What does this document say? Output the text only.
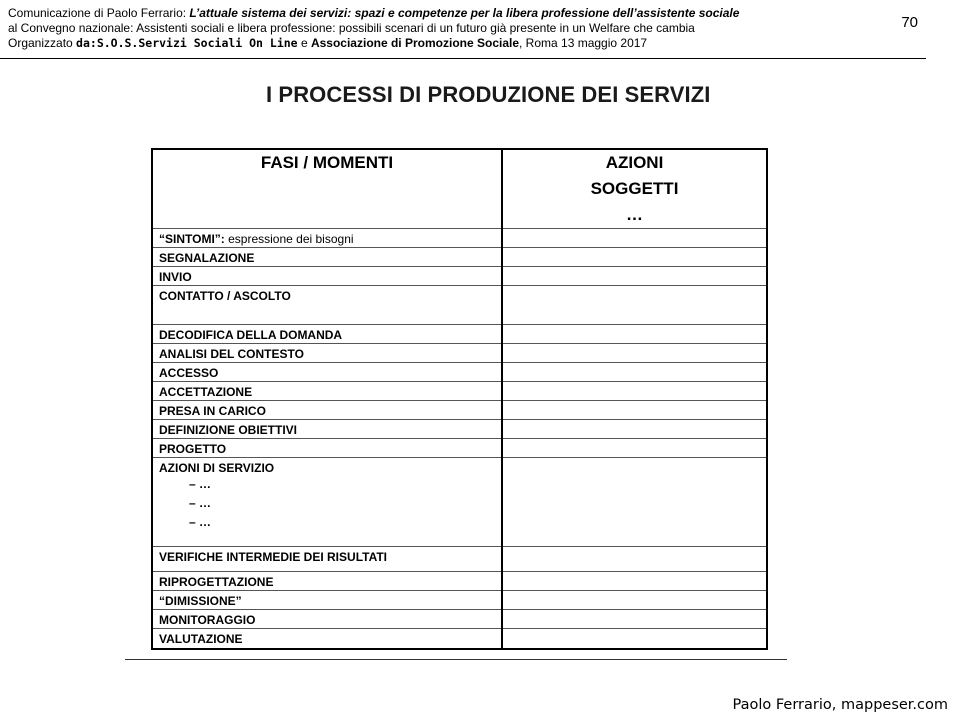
Comunicazione di Paolo Ferrario: L’attuale sistema dei servizi: spazi e competenze per la libera professione dell’assistente sociale
al Convegno nazionale: Assistenti sociali e libera professione: possibili scenari di un futuro già presente in un Welfare che cambia
Organizzato da:S.O.S.Servizi Sociali On Line e Associazione di Promozione Sociale, Roma 13 maggio 2017
70
I PROCESSI DI PRODUZIONE DEI SERVIZI
FASI / MOMENTI	AZIONI
SOGGETTI
…

“SINTOMI”: espressione dei bisogni	
SEGNALAZIONE	
INVIO	
CONTATTO / ASCOLTO	
DECODIFICA DELLA DOMANDA	
ANALISI DEL CONTESTO	
ACCESSO	
ACCETTAZIONE	
PRESA IN CARICO	
DEFINIZIONE OBIETTIVI	
PROGETTO	

AZIONI DI SERVIZIO
– …
– …
– …	

VERIFICHE INTERMEDIE DEI RISULTATI	
RIPROGETTAZIONE	
“DIMISSIONE”	
MONITORAGGIO	
VALUTAZIONE	
Paolo Ferrario, mappeser.com
